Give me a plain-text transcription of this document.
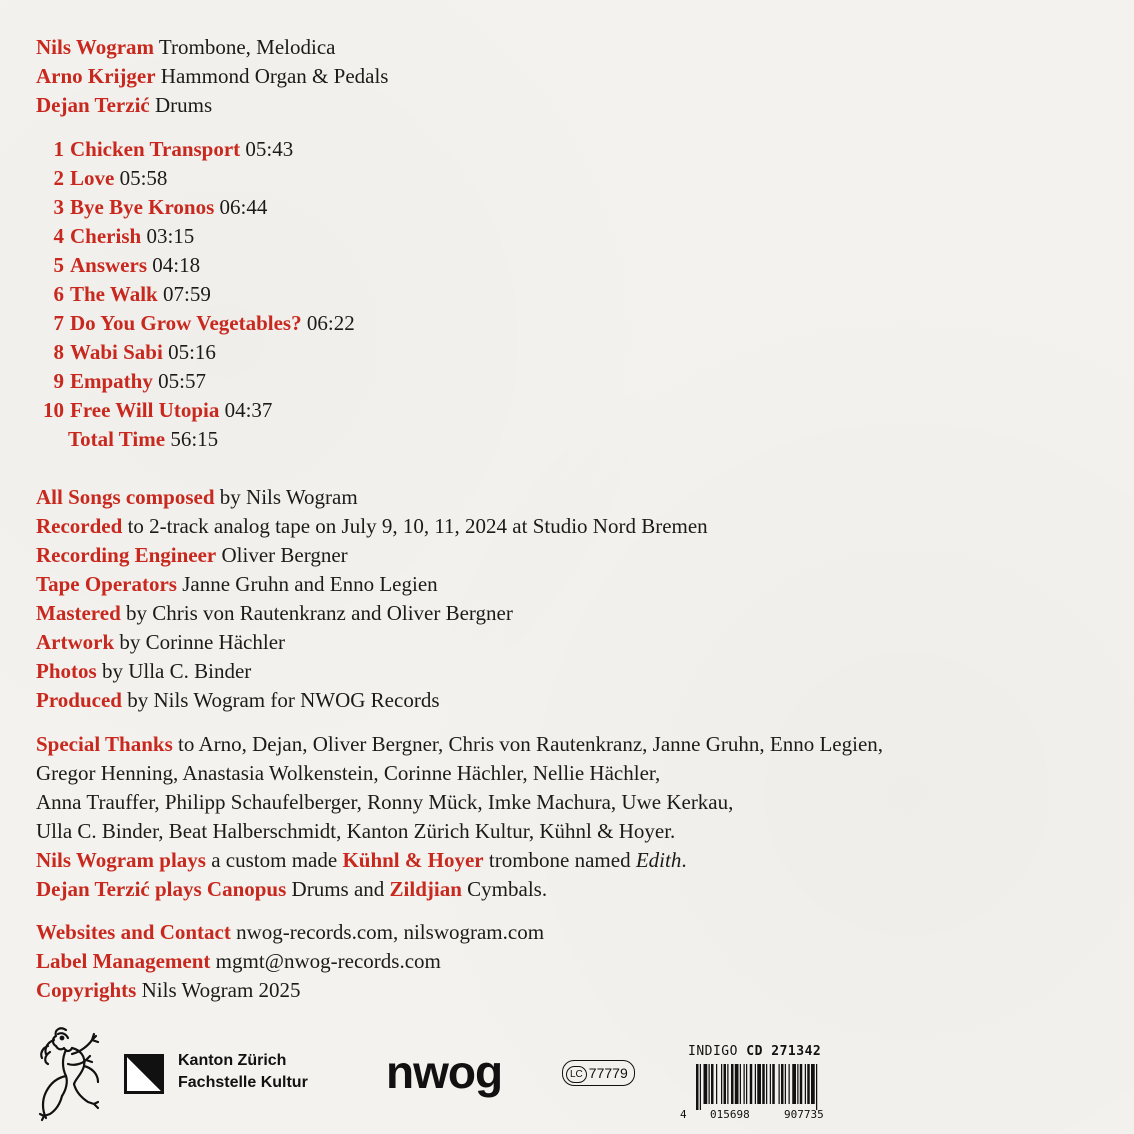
Nils Wogram Trombone, Melodica
Arno Krijger Hammond Organ & Pedals
Dejan Terzić Drums
1 Chicken Transport 05:43
2 Love 05:58
3 Bye Bye Kronos 06:44
4 Cherish 03:15
5 Answers 04:18
6 The Walk 07:59
7 Do You Grow Vegetables? 06:22
8 Wabi Sabi 05:16
9 Empathy 05:57
10 Free Will Utopia 04:37
Total Time 56:15
All Songs composed by Nils Wogram
Recorded to 2-track analog tape on July 9, 10, 11, 2024 at Studio Nord Bremen
Recording Engineer Oliver Bergner
Tape Operators Janne Gruhn and Enno Legien
Mastered by Chris von Rautenkranz and Oliver Bergner
Artwork by Corinne Hächler
Photos by Ulla C. Binder
Produced by Nils Wogram for NWOG Records
Special Thanks to Arno, Dejan, Oliver Bergner, Chris von Rautenkranz, Janne Gruhn, Enno Legien,
Gregor Henning, Anastasia Wolkenstein, Corinne Hächler, Nellie Hächler,
Anna Trauffer, Philipp Schaufelberger, Ronny Mück, Imke Machura, Uwe Kerkau,
Ulla C. Binder, Beat Halberschmidt, Kanton Zürich Kultur, Kühnl & Hoyer.
Nils Wogram plays a custom made Kühnl & Hoyer trombone named Edith.
Dejan Terzić plays Canopus Drums and Zildjian Cymbals.
Websites and Contact nwog-records.com, nilswogram.com
Label Management mgmt@nwog-records.com
Copyrights Nils Wogram 2025
Kanton Zürich
Fachstelle Kultur nwog	LC 77779
INDIGO CD 271342
4 015698	907735
